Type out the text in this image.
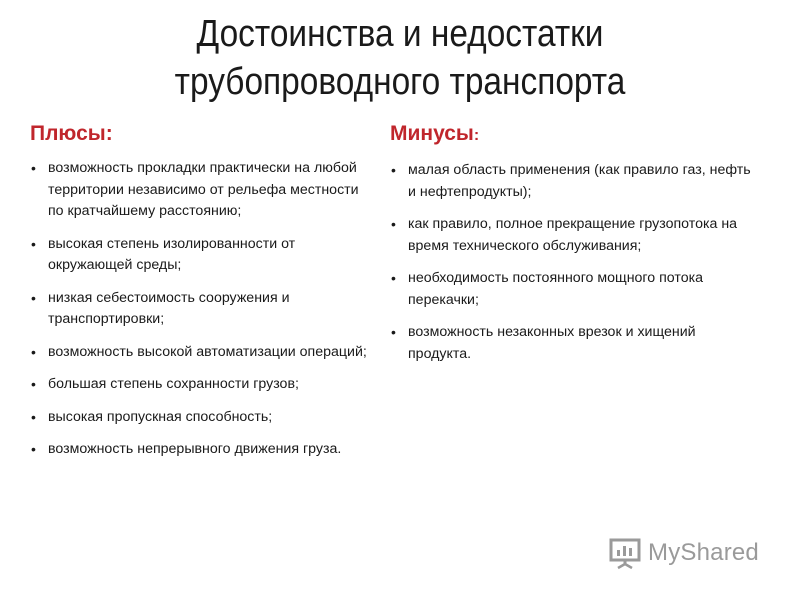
Достоинства и недостатки
трубопроводного транспорта
Плюсы:
• возможность прокладки практически на любой территории независимо от рельефа местности по кратчайшему расстоянию;
• высокая степень изолированности от окружающей среды;
• низкая себестоимость сооружения и транспортировки;
• возможность высокой автоматизации операций;
• большая степень сохранности грузов;
• высокая пропускная способность;
• возможность непрерывного движения груза.
Минусы:
• малая область применения (как правило газ, нефть и нефтепродукты);
• как правило, полное прекращение грузопотока на время технического обслуживания;
• необходимость постоянного мощного потока перекачки;
• возможность незаконных врезок и хищений продукта.
MyShared
